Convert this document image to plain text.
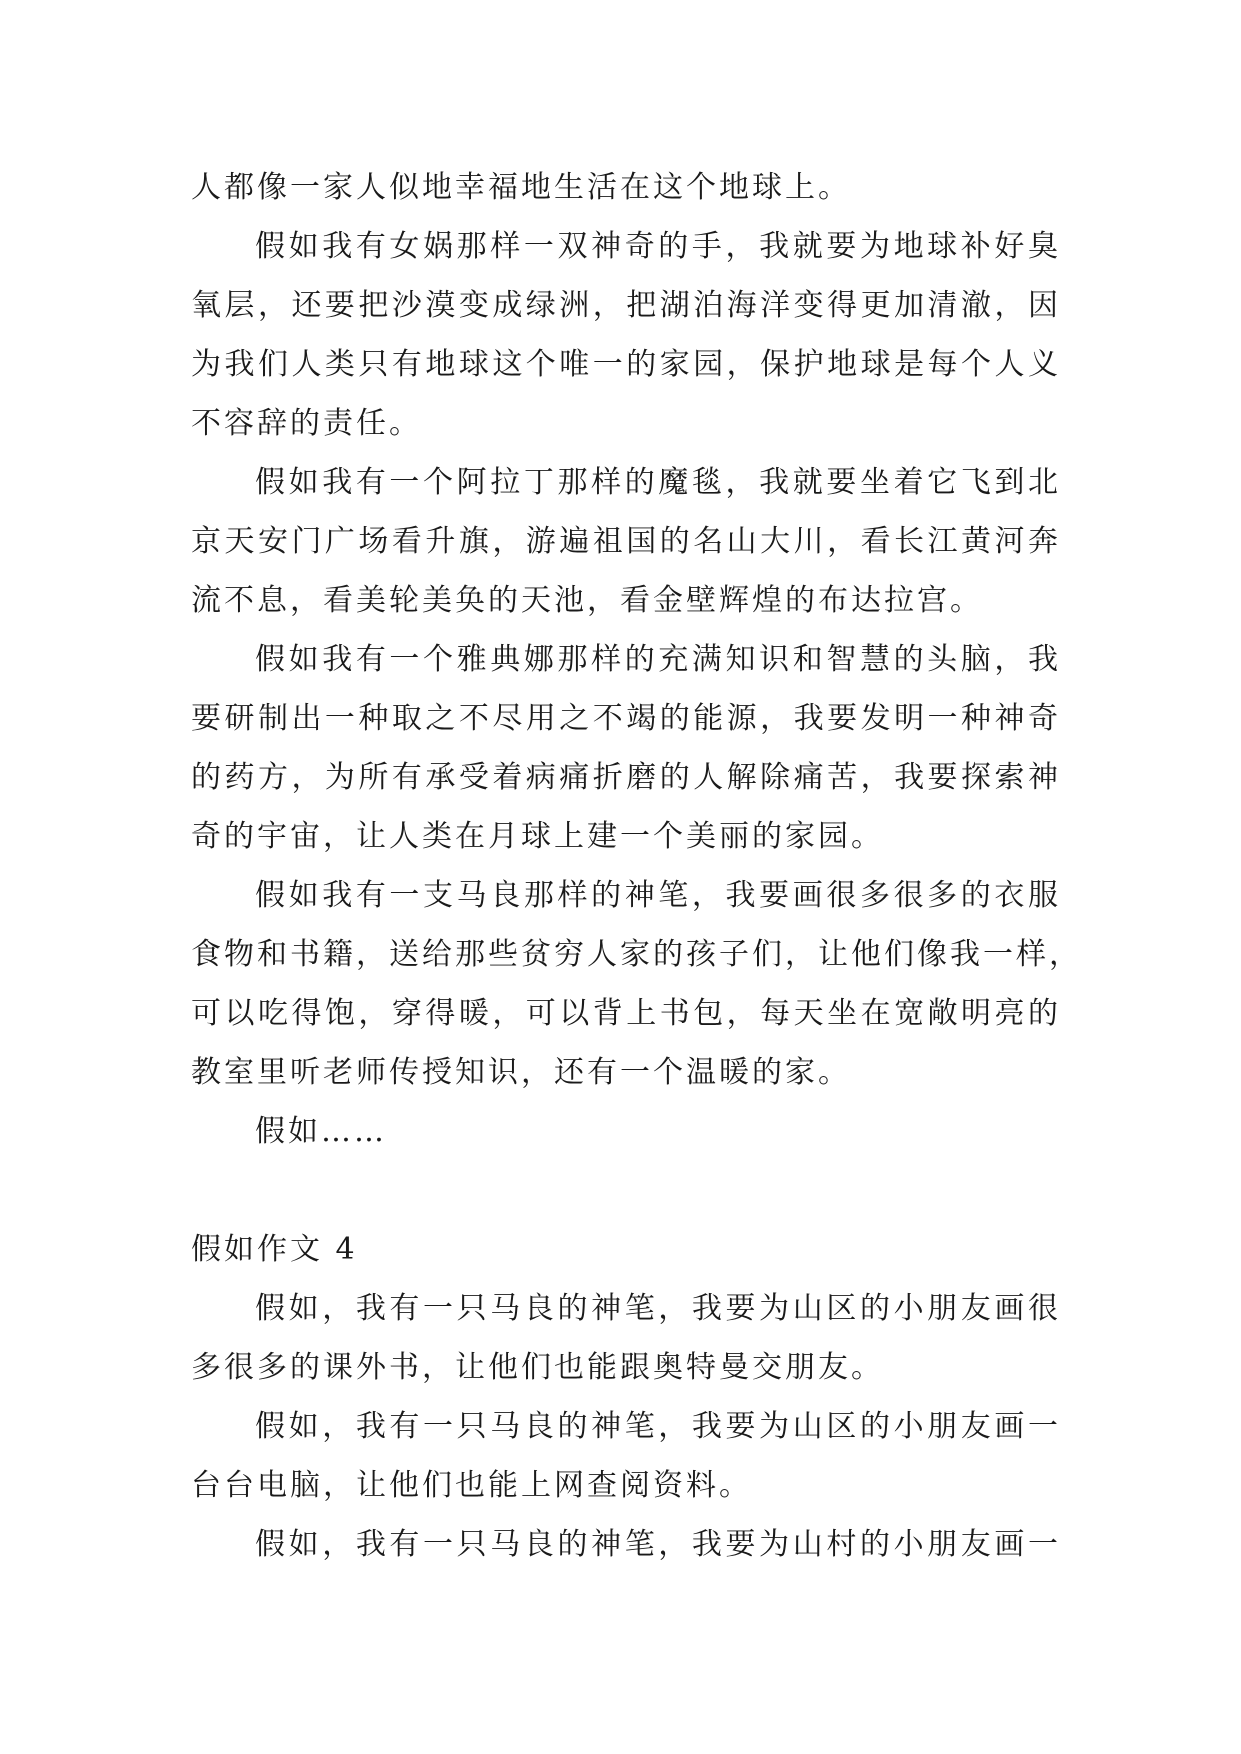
人都像一家人似地幸福地生活在这个地球上。
假如我有女娲那样一双神奇的手，我就要为地球补好臭
氧层，还要把沙漠变成绿洲，把湖泊海洋变得更加清澈，因
为我们人类只有地球这个唯一的家园，保护地球是每个人义
不容辞的责任。
假如我有一个阿拉丁那样的魔毯，我就要坐着它飞到北
京天安门广场看升旗，游遍祖国的名山大川，看长江黄河奔
流不息，看美轮美奂的天池，看金壁辉煌的布达拉宫。
假如我有一个雅典娜那样的充满知识和智慧的头脑，我
要研制出一种取之不尽用之不竭的能源，我要发明一种神奇
的药方，为所有承受着病痛折磨的人解除痛苦，我要探索神
奇的宇宙，让人类在月球上建一个美丽的家园。
假如我有一支马良那样的神笔，我要画很多很多的衣服
食物和书籍，送给那些贫穷人家的孩子们，让他们像我一样，
可以吃得饱，穿得暖，可以背上书包，每天坐在宽敞明亮的
教室里听老师传授知识，还有一个温暖的家。
假如……
假如作文 4
假如，我有一只马良的神笔，我要为山区的小朋友画很
多很多的课外书，让他们也能跟奥特曼交朋友。
假如，我有一只马良的神笔，我要为山区的小朋友画一
台台电脑，让他们也能上网查阅资料。
假如，我有一只马良的神笔，我要为山村的小朋友画一
